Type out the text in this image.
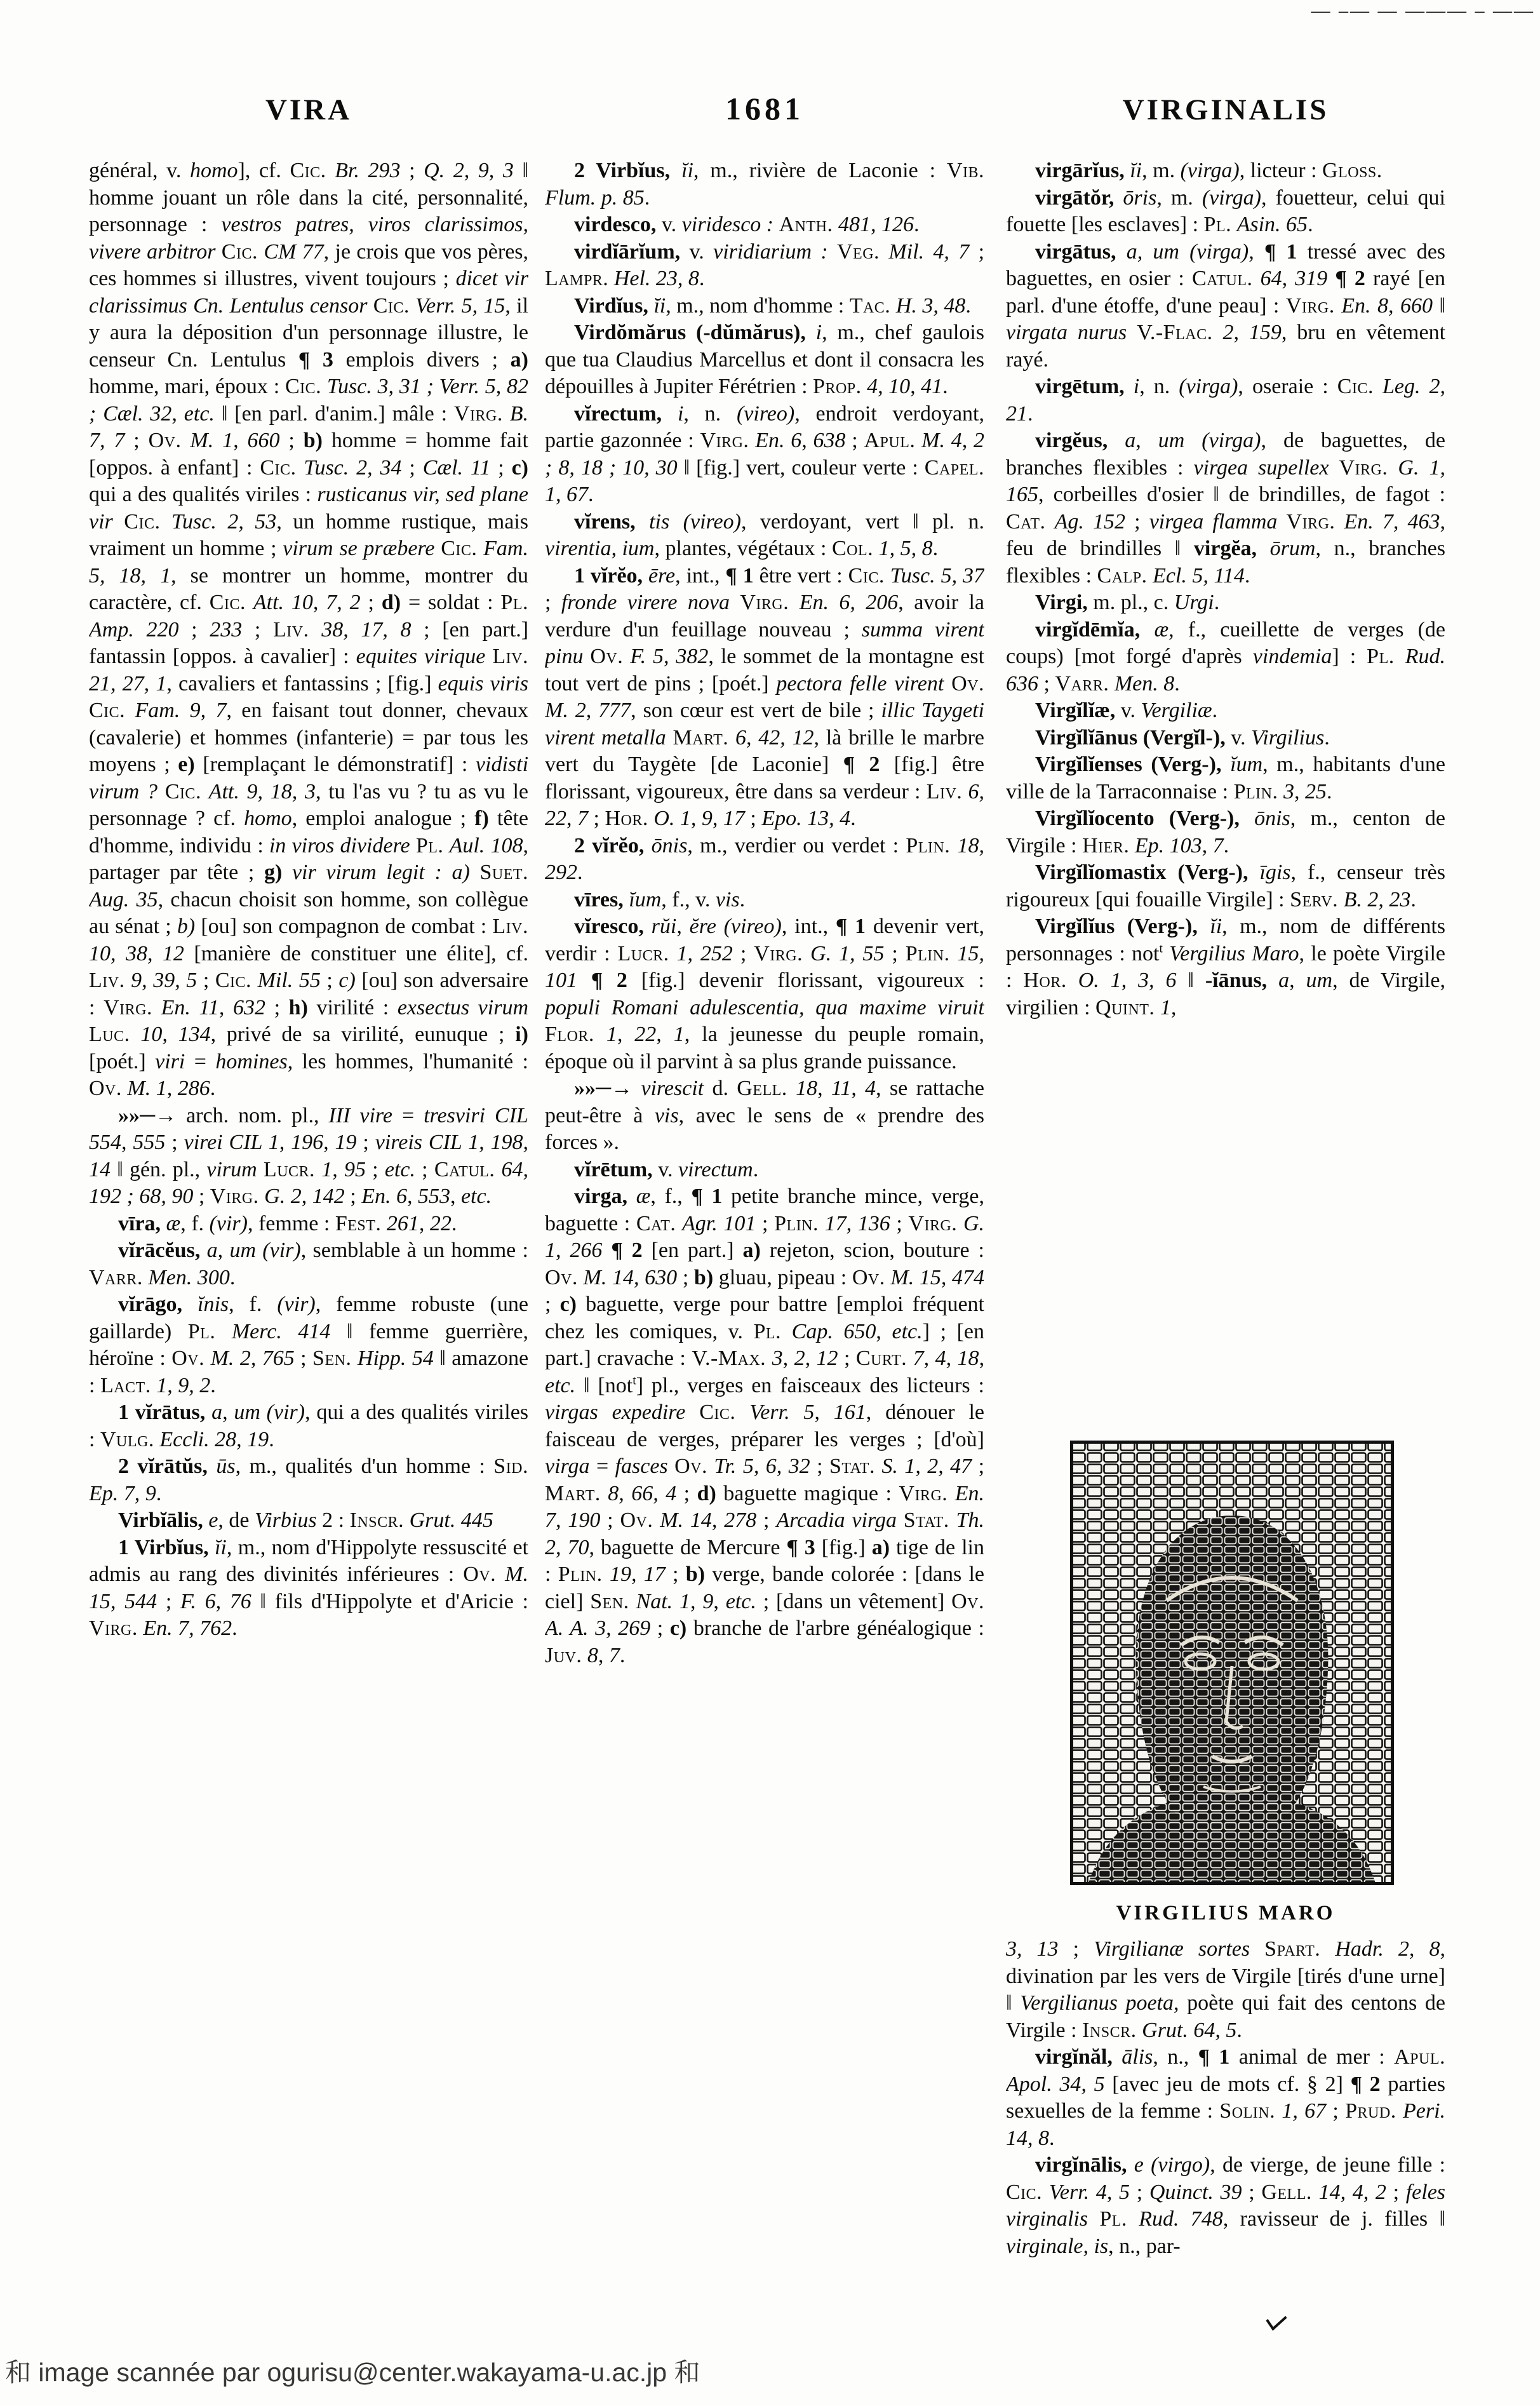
— –— — ——— – ——
VIRA	1681	VIRGINALIS

général, v. homo], cf. Cic. Br. 293 ; Q. 2, 9, 3 ‖ homme jouant un rôle dans la cité, personnalité, personnage : vestros patres, viros clarissimos, vivere arbitror Cic. CM 77, je crois que vos pères, ces hommes si illustres, vivent toujours ; dicet vir clarissimus Cn. Lentulus censor Cic. Verr. 5, 15, il y aura la déposition d'un personnage illustre, le censeur Cn. Lentulus ¶ 3 emplois divers ; a) homme, mari, époux : Cic. Tusc. 3, 31 ; Verr. 5, 82 ; Cæl. 32, etc. ‖ [en parl. d'anim.] mâle : Virg. B. 7, 7 ; Ov. M. 1, 660 ; b) homme = homme fait [oppos. à enfant] : Cic. Tusc. 2, 34 ; Cæl. 11 ; c) qui a des qualités viriles : rusticanus vir, sed plane vir Cic. Tusc. 2, 53, un homme rustique, mais vraiment un homme ; virum se præbere Cic. Fam. 5, 18, 1, se montrer un homme, montrer du caractère, cf. Cic. Att. 10, 7, 2 ; d) = soldat : Pl. Amp. 220 ; 233 ; Liv. 38, 17, 8 ; [en part.] fantassin [oppos. à cavalier] : equites virique Liv. 21, 27, 1, cavaliers et fantassins ; [fig.] equis viris Cic. Fam. 9, 7, en faisant tout donner, chevaux (cavalerie) et hommes (infanterie) = par tous les moyens ; e) [remplaçant le démonstratif] : vidisti virum ? Cic. Att. 9, 18, 3, tu l'as vu ? tu as vu le personnage ? cf. homo, emploi analogue ; f) tête d'homme, individu : in viros dividere Pl. Aul. 108, partager par tête ; g) vir virum legit : a) Suet. Aug. 35, chacun choisit son homme, son collègue au sénat ; b) [ou] son compagnon de combat : Liv. 10, 38, 12 [manière de constituer une élite], cf. Liv. 9, 39, 5 ; Cic. Mil. 55 ; c) [ou] son adversaire : Virg. En. 11, 632 ; h) virilité : exsectus virum Luc. 10, 134, privé de sa virilité, eunuque ; i) [poét.] viri = homines, les hommes, l'humanité : Ov. M. 1, 286.

»»─→ arch. nom. pl., III vire = tresviri CIL 554, 555 ; virei CIL 1, 196, 19 ; vireis CIL 1, 198, 14 ‖ gén. pl., virum Lucr. 1, 95 ; etc. ; Catul. 64, 192 ; 68, 90 ; Virg. G. 2, 142 ; En. 6, 553, etc.

vīra, æ, f. (vir), femme : Fest. 261, 22.

vĭrācĕus, a, um (vir), semblable à un homme : Varr. Men. 300.

vĭrāgo, ĭnis, f. (vir), femme robuste (une gaillarde) Pl. Merc. 414 ‖ femme guerrière, héroïne : Ov. M. 2, 765 ; Sen. Hipp. 54 ‖ amazone : Lact. 1, 9, 2.

1 vĭrātus, a, um (vir), qui a des qualités viriles : Vulg. Eccli. 28, 19.

2 vĭrātŭs, ūs, m., qualités d'un homme : Sid. Ep. 7, 9.

Virbĭālis, e, de Virbius 2 : Inscr. Grut. 445

1 Virbĭus, ĭi, m., nom d'Hippolyte ressuscité et admis au rang des divinités inférieures : Ov. M. 15, 544 ; F. 6, 76 ‖ fils d'Hippolyte et d'Aricie : Virg. En. 7, 762.

2 Virbĭus, ĭi, m., rivière de Laconie : Vib. Flum. p. 85.

virdesco, v. viridesco : Anth. 481, 126.

virdĭārĭum, v. viridiarium : Veg. Mil. 4, 7 ; Lampr. Hel. 23, 8.

Virdĭus, ĭi, m., nom d'homme : Tac. H. 3, 48.

Virdŏmărus (-dŭmărus), i, m., chef gaulois que tua Claudius Marcellus et dont il consacra les dépouilles à Jupiter Férétrien : Prop. 4, 10, 41.

vĭrectum, i, n. (vireo), endroit verdoyant, partie gazonnée : Virg. En. 6, 638 ; Apul. M. 4, 2 ; 8, 18 ; 10, 30 ‖ [fig.] vert, couleur verte : Capel. 1, 67.

vĭrens, tis (vireo), verdoyant, vert ‖ pl. n. virentia, ium, plantes, végétaux : Col. 1, 5, 8.

1 vĭrĕo, ēre, int., ¶ 1 être vert : Cic. Tusc. 5, 37 ; fronde virere nova Virg. En. 6, 206, avoir la verdure d'un feuillage nouveau ; summa virent pinu Ov. F. 5, 382, le sommet de la montagne est tout vert de pins ; [poét.] pectora felle virent Ov. M. 2, 777, son cœur est vert de bile ; illic Taygeti virent metalla Mart. 6, 42, 12, là brille le marbre vert du Taygète [de Laconie] ¶ 2 [fig.] être florissant, vigoureux, être dans sa verdeur : Liv. 6, 22, 7 ; Hor. O. 1, 9, 17 ; Epo. 13, 4.

2 vĭrĕo, ōnis, m., verdier ou verdet : Plin. 18, 292.

vīres, ĭum, f., v. vis.

vĭresco, rŭi, ĕre (vireo), int., ¶ 1 devenir vert, verdir : Lucr. 1, 252 ; Virg. G. 1, 55 ; Plin. 15, 101 ¶ 2 [fig.] devenir florissant, vigoureux : populi Romani adulescentia, qua maxime viruit Flor. 1, 22, 1, la jeunesse du peuple romain, époque où il parvint à sa plus grande puissance.

»»─→ virescit d. Gell. 18, 11, 4, se rattache peut-être à vis, avec le sens de « prendre des forces ».

vĭrētum, v. virectum.

virga, æ, f., ¶ 1 petite branche mince, verge, baguette : Cat. Agr. 101 ; Plin. 17, 136 ; Virg. G. 1, 266 ¶ 2 [en part.] a) rejeton, scion, bouture : Ov. M. 14, 630 ; b) gluau, pipeau : Ov. M. 15, 474 ; c) baguette, verge pour battre [emploi fréquent chez les comiques, v. Pl. Cap. 650, etc.] ; [en part.] cravache : V.-Max. 3, 2, 12 ; Curt. 7, 4, 18, etc. ‖ [not$^t$] pl., verges en faisceaux des licteurs : virgas expedire Cic. Verr. 5, 161, dénouer le faisceau de verges, préparer les verges ; [d'où] virga = fasces Ov. Tr. 5, 6, 32 ; Stat. S. 1, 2, 47 ; Mart. 8, 66, 4 ; d) baguette magique : Virg. En. 7, 190 ; Ov. M. 14, 278 ; Arcadia virga Stat. Th. 2, 70, baguette de Mercure ¶ 3 [fig.] a) tige de lin : Plin. 19, 17 ; b) verge, bande colorée : [dans le ciel] Sen. Nat. 1, 9, etc. ; [dans un vêtement] Ov. A. A. 3, 269 ; c) branche de l'arbre généalogique : Juv. 8, 7.

virgārĭus, ĭi, m. (virga), licteur : Gloss.

virgātŏr, ōris, m. (virga), fouetteur, celui qui fouette [les esclaves] : Pl. Asin. 65.

virgātus, a, um (virga), ¶ 1 tressé avec des baguettes, en osier : Catul. 64, 319 ¶ 2 rayé [en parl. d'une étoffe, d'une peau] : Virg. En. 8, 660 ‖ virgata nurus V.-Flac. 2, 159, bru en vêtement rayé.

virgētum, i, n. (virga), oseraie : Cic. Leg. 2, 21.

virgĕus, a, um (virga), de baguettes, de branches flexibles : virgea supellex Virg. G. 1, 165, corbeilles d'osier ‖ de brindilles, de fagot : Cat. Ag. 152 ; virgea flamma Virg. En. 7, 463, feu de brindilles ‖ virgĕa, ōrum, n., branches flexibles : Calp. Ecl. 5, 114.

Virgi, m. pl., c. Urgi.

virgĭdēmĭa, æ, f., cueillette de verges (de coups) [mot forgé d'après vindemia] : Pl. Rud. 636 ; Varr. Men. 8.

Virgĭlĭæ, v. Vergiliæ.

Virgĭlĭānus (Vergĭl-), v. Virgilius.

Virgĭlĭenses (Verg-), ĭum, m., habitants d'une ville de la Tarraconnaise : Plin. 3, 25.

Virgĭlĭocento (Verg-), ōnis, m., centon de Virgile : Hier. Ep. 103, 7.

Virgĭlĭomastix (Verg-), īgis, f., censeur très rigoureux [qui fouaille Virgile] : Serv. B. 2, 23.

Virgĭlĭus (Verg-), ĭi, m., nom de différents personnages : not$^t$ Vergilius Maro, le poète Virgile : Hor. O. 1, 3, 6 ‖ -ĭānus, a, um, de Virgile, virgilien : Quint. 1,

VIRGILIUS MARO

3, 13 ; Virgilianæ sortes Spart. Hadr. 2, 8, divination par les vers de Virgile [tirés d'une urne] ‖ Vergilianus poeta, poète qui fait des centons de Virgile : Inscr. Grut. 64, 5.

virgĭnăl, ālis, n., ¶ 1 animal de mer : Apul. Apol. 34, 5 [avec jeu de mots cf. § 2] ¶ 2 parties sexuelles de la femme : Solin. 1, 67 ; Prud. Peri. 14, 8.

virgĭnālis, e (virgo), de vierge, de jeune fille : Cic. Verr. 4, 5 ; Quinct. 39 ; Gell. 14, 4, 2 ; feles virginalis Pl. Rud. 748, ravisseur de j. filles ‖ virginale, is, n., par-

和 image scannée par ogurisu@center.wakayama-u.ac.jp 和
